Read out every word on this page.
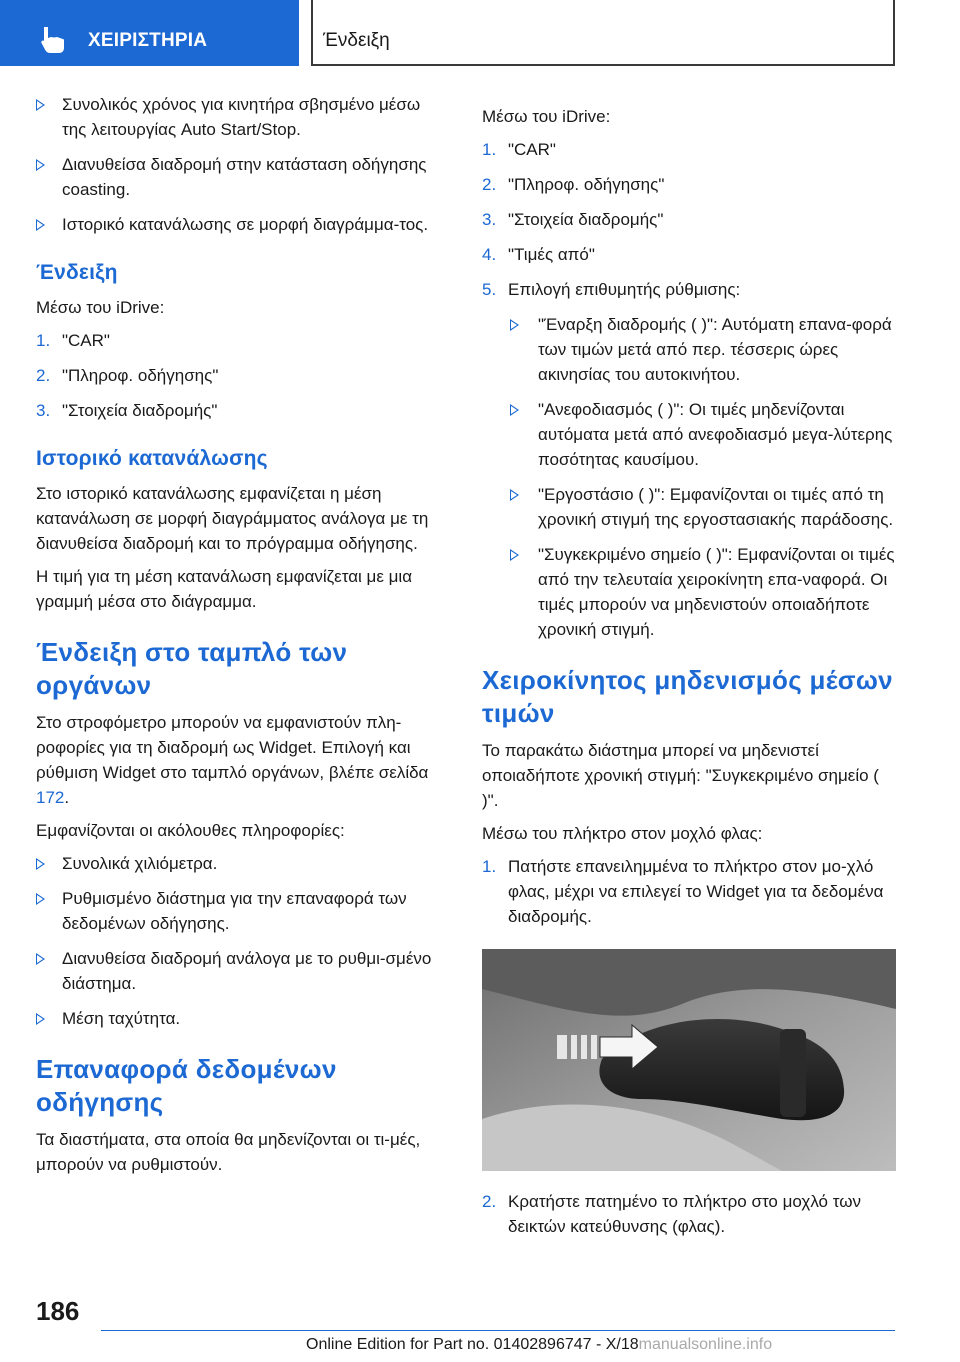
ΧΕΙΡΙΣΤΗΡΙΑ	Ένδειξη
Συνολικός χρόνος για κινητήρα σβησμένο μέσω της λειτουργίας Auto Start/Stop.
Διανυθείσα διαδρομή στην κατάσταση οδήγησης coasting.
Ιστορικό κατανάλωσης σε μορφή διαγράμμα-τος.
Ένδειξη
Μέσω του iDrive:
1. "CAR"
2. "Πληροφ. οδήγησης"
3. "Στοιχεία διαδρομής"
Ιστορικό κατανάλωσης
Στο ιστορικό κατανάλωσης εμφανίζεται η μέση κατανάλωση σε μορφή διαγράμματος ανάλογα με τη διανυθείσα διαδρομή και το πρόγραμμα οδήγησης.
Η τιμή για τη μέση κατανάλωση εμφανίζεται με μια γραμμή μέσα στο διάγραμμα.
Ένδειξη στο ταμπλό των οργάνων
Στο στροφόμετρο μπορούν να εμφανιστούν πλη-ροφορίες για τη διαδρομή ως Widget. Επιλογή και ρύθμιση Widget στο ταμπλό οργάνων, βλέπε σελίδα 172.
Εμφανίζονται οι ακόλουθες πληροφορίες:
Συνολικά χιλιόμετρα.
Ρυθμισμένο διάστημα για την επαναφορά των δεδομένων οδήγησης.
Διανυθείσα διαδρομή ανάλογα με το ρυθμι-σμένο διάστημα.
Μέση ταχύτητα.
Επαναφορά δεδομένων οδήγησης
Τα διαστήματα, στα οποία θα μηδενίζονται οι τι-μές, μπορούν να ρυθμιστούν.
Μέσω του iDrive:
1. "CAR"
2. "Πληροφ. οδήγησης"
3. "Στοιχεία διαδρομής"
4. "Τιμές από"
5. Επιλογή επιθυμητής ρύθμισης:
"Έναρξη διαδρομής ( )": Αυτόματη επανα-φορά των τιμών μετά από περ. τέσσερις ώρες ακινησίας του αυτοκινήτου.
"Ανεφοδιασμός ( )": Οι τιμές μηδενίζονται αυτόματα μετά από ανεφοδιασμό μεγα-λύτερης ποσότητας καυσίμου.
"Εργοστάσιο ( )": Εμφανίζονται οι τιμές από τη χρονική στιγμή της εργοστασιακής παράδοσης.
"Συγκεκριμένο σημείο ( )": Εμφανίζονται οι τιμές από την τελευταία χειροκίνητη επα-ναφορά. Οι τιμές μπορούν να μηδενιστούν οποιαδήποτε χρονική στιγμή.
Χειροκίνητος μηδενισμός μέσων τιμών
Το παρακάτω διάστημα μπορεί να μηδενιστεί οποιαδήποτε χρονική στιγμή: "Συγκεκριμένο σημείο ( )".
Μέσω του πλήκτρο στον μοχλό φλας:
1. Πατήστε επανειλημμένα το πλήκτρο στον μο-χλό φλας, μέχρι να επιλεγεί το Widget για τα δεδομένα διαδρομής.
2. Κρατήστε πατημένο το πλήκτρο στο μοχλό των δεικτών κατεύθυνσης (φλας).
186
Online Edition for Part no. 01402896747 - X/18manualsonline.info
